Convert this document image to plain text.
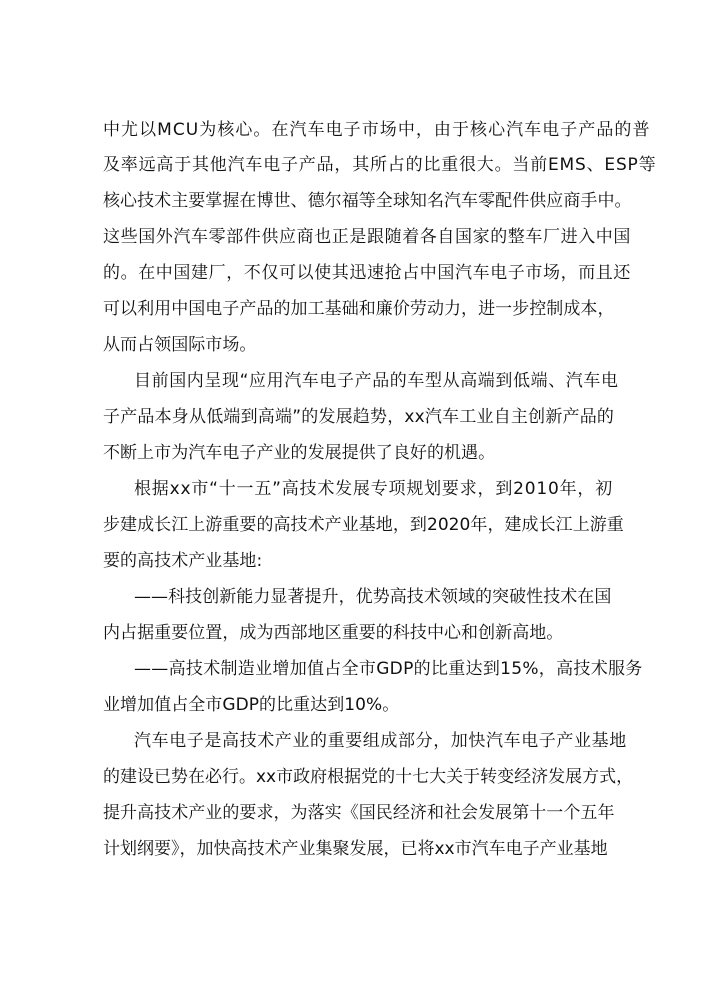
中尤以MCU为核心。在汽车电子市场中，由于核心汽车电子产品的普
及率远高于其他汽车电子产品，其所占的比重很大。当前EMS、ESP等
核心技术主要掌握在博世、德尔福等全球知名汽车零配件供应商手中。
这些国外汽车零部件供应商也正是跟随着各自国家的整车厂进入中国
的。在中国建厂，不仅可以使其迅速抢占中国汽车电子市场，而且还
可以利用中国电子产品的加工基础和廉价劳动力，进一步控制成本，
从而占领国际市场。
目前国内呈现“应用汽车电子产品的车型从高端到低端、汽车电
子产品本身从低端到高端”的发展趋势，xx汽车工业自主创新产品的
不断上市为汽车电子产业的发展提供了良好的机遇。
根据xx市“十一五”高技术发展专项规划要求，到2010年，初
步建成长江上游重要的高技术产业基地，到2020年，建成长江上游重
要的高技术产业基地:
——科技创新能力显著提升，优势高技术领域的突破性技术在国
内占据重要位置，成为西部地区重要的科技中心和创新高地。
——高技术制造业增加值占全市GDP的比重达到15%，高技术服务
业增加值占全市GDP的比重达到10%。
汽车电子是高技术产业的重要组成部分，加快汽车电子产业基地
的建设已势在必行。xx市政府根据党的十七大关于转变经济发展方式，
提升高技术产业的要求，为落实《国民经济和社会发展第十一个五年
计划纲要》，加快高技术产业集聚发展，已将xx市汽车电子产业基地
